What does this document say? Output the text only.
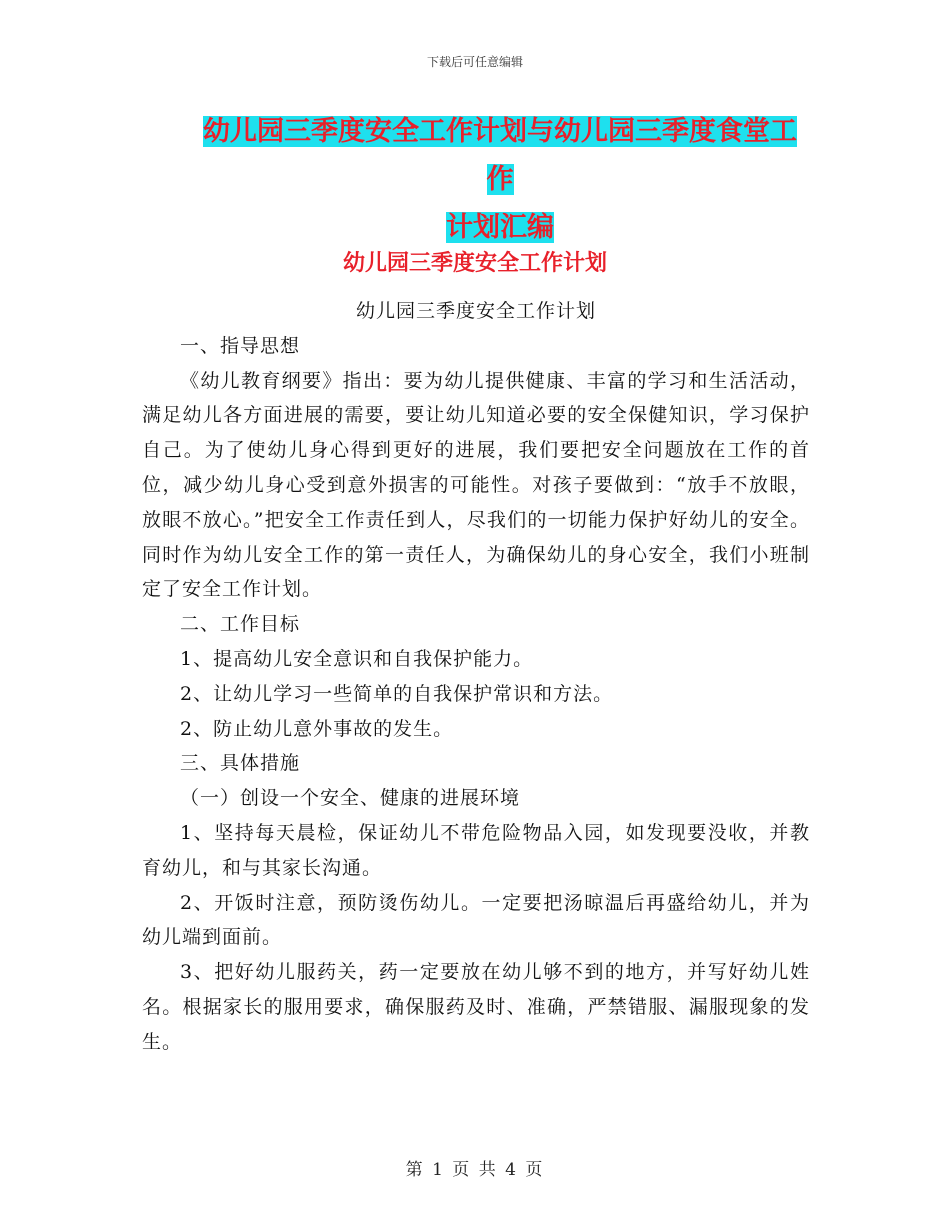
下载后可任意编辑
幼儿园三季度安全工作计划与幼儿园三季度食堂工作
计划汇编
幼儿园三季度安全工作计划

幼儿园三季度安全工作计划

一、指导思想

《幼儿教育纲要》指出：要为幼儿提供健康、丰富的学习和生活活动，满足幼儿各方面进展的需要，要让幼儿知道必要的安全保健知识，学习保护自己。为了使幼儿身心得到更好的进展，我们要把安全问题放在工作的首位，减少幼儿身心受到意外损害的可能性。对孩子要做到：“放手不放眼，放眼不放心。”把安全工作责任到人，尽我们的一切能力保护好幼儿的安全。同时作为幼儿安全工作的第一责任人，为确保幼儿的身心安全，我们小班制定了安全工作计划。

二、工作目标

1、提高幼儿安全意识和自我保护能力。

2、让幼儿学习一些简单的自我保护常识和方法。

2、防止幼儿意外事故的发生。

三、具体措施

（一）创设一个安全、健康的进展环境

1、坚持每天晨检，保证幼儿不带危险物品入园，如发现要没收，并教育幼儿，和与其家长沟通。

2、开饭时注意，预防烫伤幼儿。一定要把汤晾温后再盛给幼儿，并为幼儿端到面前。

3、把好幼儿服药关，药一定要放在幼儿够不到的地方，并写好幼儿姓名。根据家长的服用要求，确保服药及时、准确，严禁错服、漏服现象的发生。

第 1 页 共 4 页
